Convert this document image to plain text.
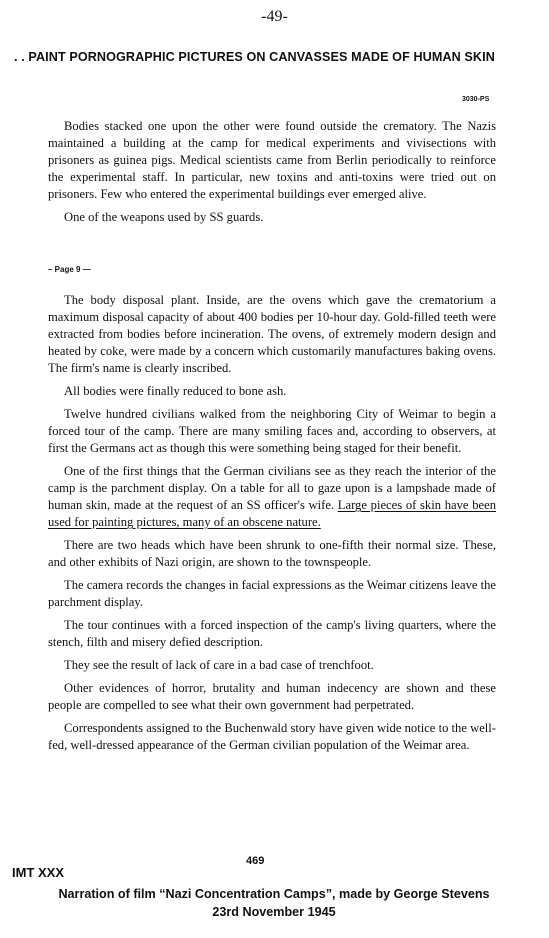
-49-
. . PAINT PORNOGRAPHIC PICTURES ON CANVASSES MADE OF HUMAN SKIN
3030-PS

Bodies stacked one upon the other were found outside the crematory. The Nazis maintained a building at the camp for medical experiments and vivisections with prisoners as guinea pigs. Medical scientists came from Berlin periodically to reinforce the experimental staff. In particular, new toxins and anti-toxins were tried out on prisoners. Few who entered the experimental buildings ever emerged alive.

One of the weapons used by SS guards.

– Page 9 —

The body disposal plant. Inside, are the ovens which gave the crematorium a maximum disposal capacity of about 400 bodies per 10-hour day. Gold-filled teeth were extracted from bodies before incineration. The ovens, of extremely modern design and heated by coke, were made by a concern which customarily manufactures baking ovens. The firm's name is clearly inscribed.

All bodies were finally reduced to bone ash.

Twelve hundred civilians walked from the neighboring City of Weimar to begin a forced tour of the camp. There are many smiling faces and, according to observers, at first the Germans act as though this were something being staged for their benefit.

One of the first things that the German civilians see as they reach the interior of the camp is the parchment display. On a table for all to gaze upon is a lampshade made of human skin, made at the request of an SS officer's wife. Large pieces of skin have been used for painting pictures, many of an obscene nature.

There are two heads which have been shrunk to one-fifth their normal size. These, and other exhibits of Nazi origin, are shown to the townspeople.

The camera records the changes in facial expressions as the Weimar citizens leave the parchment display.

The tour continues with a forced inspection of the camp's living quarters, where the stench, filth and misery defied description.

They see the result of lack of care in a bad case of trenchfoot.

Other evidences of horror, brutality and human indecency are shown and these people are compelled to see what their own government had perpetrated.

Correspondents assigned to the Buchenwald story have given wide notice to the well-fed, well-dressed appearance of the German civilian population of the Weimar area.

469
IMT XXX
Narration of film “Nazi Concentration Camps”, made by George Stevens
23rd November 1945
